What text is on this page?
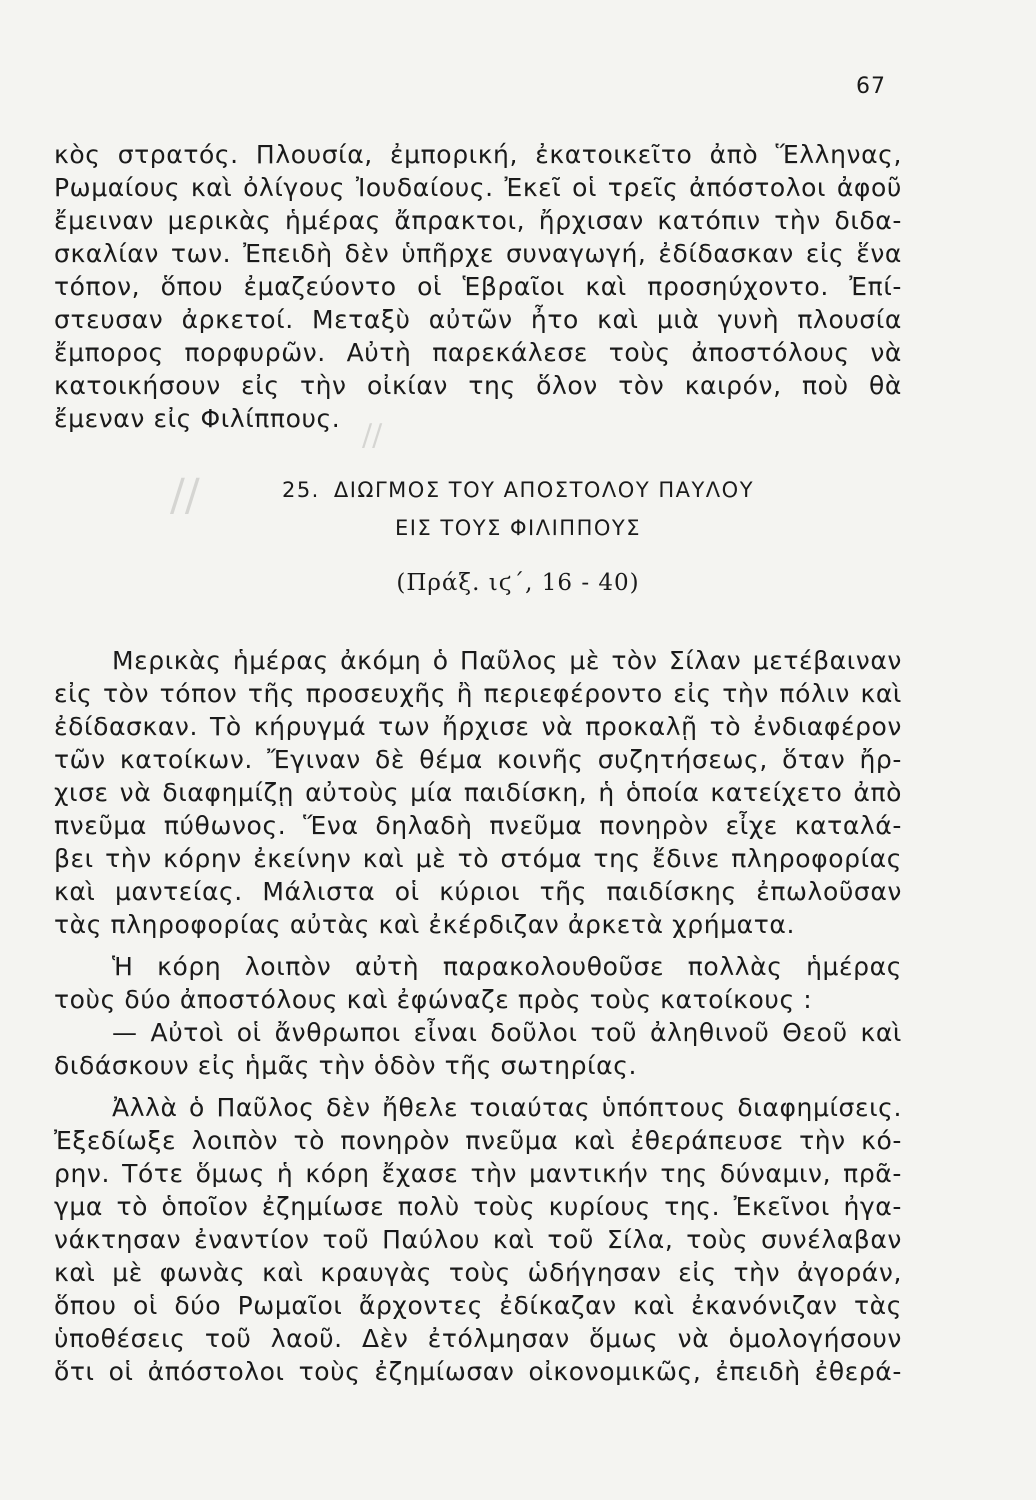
67
//
//
κὸς στρατός. Πλουσία, ἐμπορική, ἐκατοικεῖτο ἀπὸ Ἕλληνας,
Ρωμαίους καὶ ὀλίγους Ἰουδαίους. Ἐκεῖ οἱ τρεῖς ἀπόστολοι ἀφοῦ
ἔμειναν μερικὰς ἡμέρας ἄπρακτοι, ἤρχισαν κατόπιν τὴν διδα-
σκαλίαν των. Ἐπειδὴ δὲν ὑπῆρχε συναγωγή, ἐδίδασκαν εἰς ἕνα
τόπον, ὅπου ἐμαζεύοντο οἱ Ἑβραῖοι καὶ προσηύχοντο. Ἐπί-
στευσαν ἀρκετοί. Μεταξὺ αὐτῶν ἦτο καὶ μιὰ γυνὴ πλουσία
ἔμπορος πορφυρῶν. Αὐτὴ παρεκάλεσε τοὺς ἀποστόλους νὰ
κατοικήσουν εἰς τὴν οἰκίαν της ὅλον τὸν καιρόν, ποὺ θὰ
ἔμεναν εἰς Φιλίππους.
25. ΔΙΩΓΜΟΣ ΤΟΥ ΑΠΟΣΤΟΛΟΥ ΠΑΥΛΟΥ
ΕΙΣ ΤΟΥΣ ΦΙΛΙΠΠΟΥΣ
(Πράξ. ιϛ΄, 16 - 40)
Μερικὰς ἡμέρας ἀκόμη ὁ Παῦλος μὲ τὸν Σίλαν μετέβαιναν
εἰς τὸν τόπον τῆς προσευχῆς ἢ περιεφέροντο εἰς τὴν πόλιν καὶ
ἐδίδασκαν. Τὸ κήρυγμά των ἤρχισε νὰ προκαλῇ τὸ ἐνδιαφέρον
τῶν κατοίκων. Ἔγιναν δὲ θέμα κοινῆς συζητήσεως, ὅταν ἤρ-
χισε νὰ διαφημίζῃ αὐτοὺς μία παιδίσκη, ἡ ὁποία κατείχετο ἀπὸ
πνεῦμα πύθωνος. Ἕνα δηλαδὴ πνεῦμα πονηρὸν εἶχε καταλά-
βει τὴν κόρην ἐκείνην καὶ μὲ τὸ στόμα της ἔδινε πληροφορίας
καὶ μαντείας. Μάλιστα οἱ κύριοι τῆς παιδίσκης ἐπωλοῦσαν
τὰς πληροφορίας αὐτὰς καὶ ἐκέρδιζαν ἀρκετὰ χρήματα.
Ἡ κόρη λοιπὸν αὐτὴ παρακολουθοῦσε πολλὰς ἡμέρας
τοὺς δύο ἀποστόλους καὶ ἐφώναζε πρὸς τοὺς κατοίκους :
— Αὐτοὶ οἱ ἄνθρωποι εἶναι δοῦλοι τοῦ ἀληθινοῦ Θεοῦ καὶ
διδάσκουν εἰς ἡμᾶς τὴν ὁδὸν τῆς σωτηρίας.
Ἀλλὰ ὁ Παῦλος δὲν ἤθελε τοιαύτας ὑπόπτους διαφημίσεις.
Ἐξεδίωξε λοιπὸν τὸ πονηρὸν πνεῦμα καὶ ἐθεράπευσε τὴν κό-
ρην. Τότε ὅμως ἡ κόρη ἔχασε τὴν μαντικήν της δύναμιν, πρᾶ-
γμα τὸ ὁποῖον ἐζημίωσε πολὺ τοὺς κυρίους της. Ἐκεῖνοι ἠγα-
νάκτησαν ἐναντίον τοῦ Παύλου καὶ τοῦ Σίλα, τοὺς συνέλαβαν
καὶ μὲ φωνὰς καὶ κραυγὰς τοὺς ὡδήγησαν εἰς τὴν ἀγοράν,
ὅπου οἱ δύο Ρωμαῖοι ἄρχοντες ἐδίκαζαν καὶ ἐκανόνιζαν τὰς
ὑποθέσεις τοῦ λαοῦ. Δὲν ἐτόλμησαν ὅμως νὰ ὁμολογήσουν
ὅτι οἱ ἀπόστολοι τοὺς ἐζημίωσαν οἰκονομικῶς, ἐπειδὴ ἐθερά-
